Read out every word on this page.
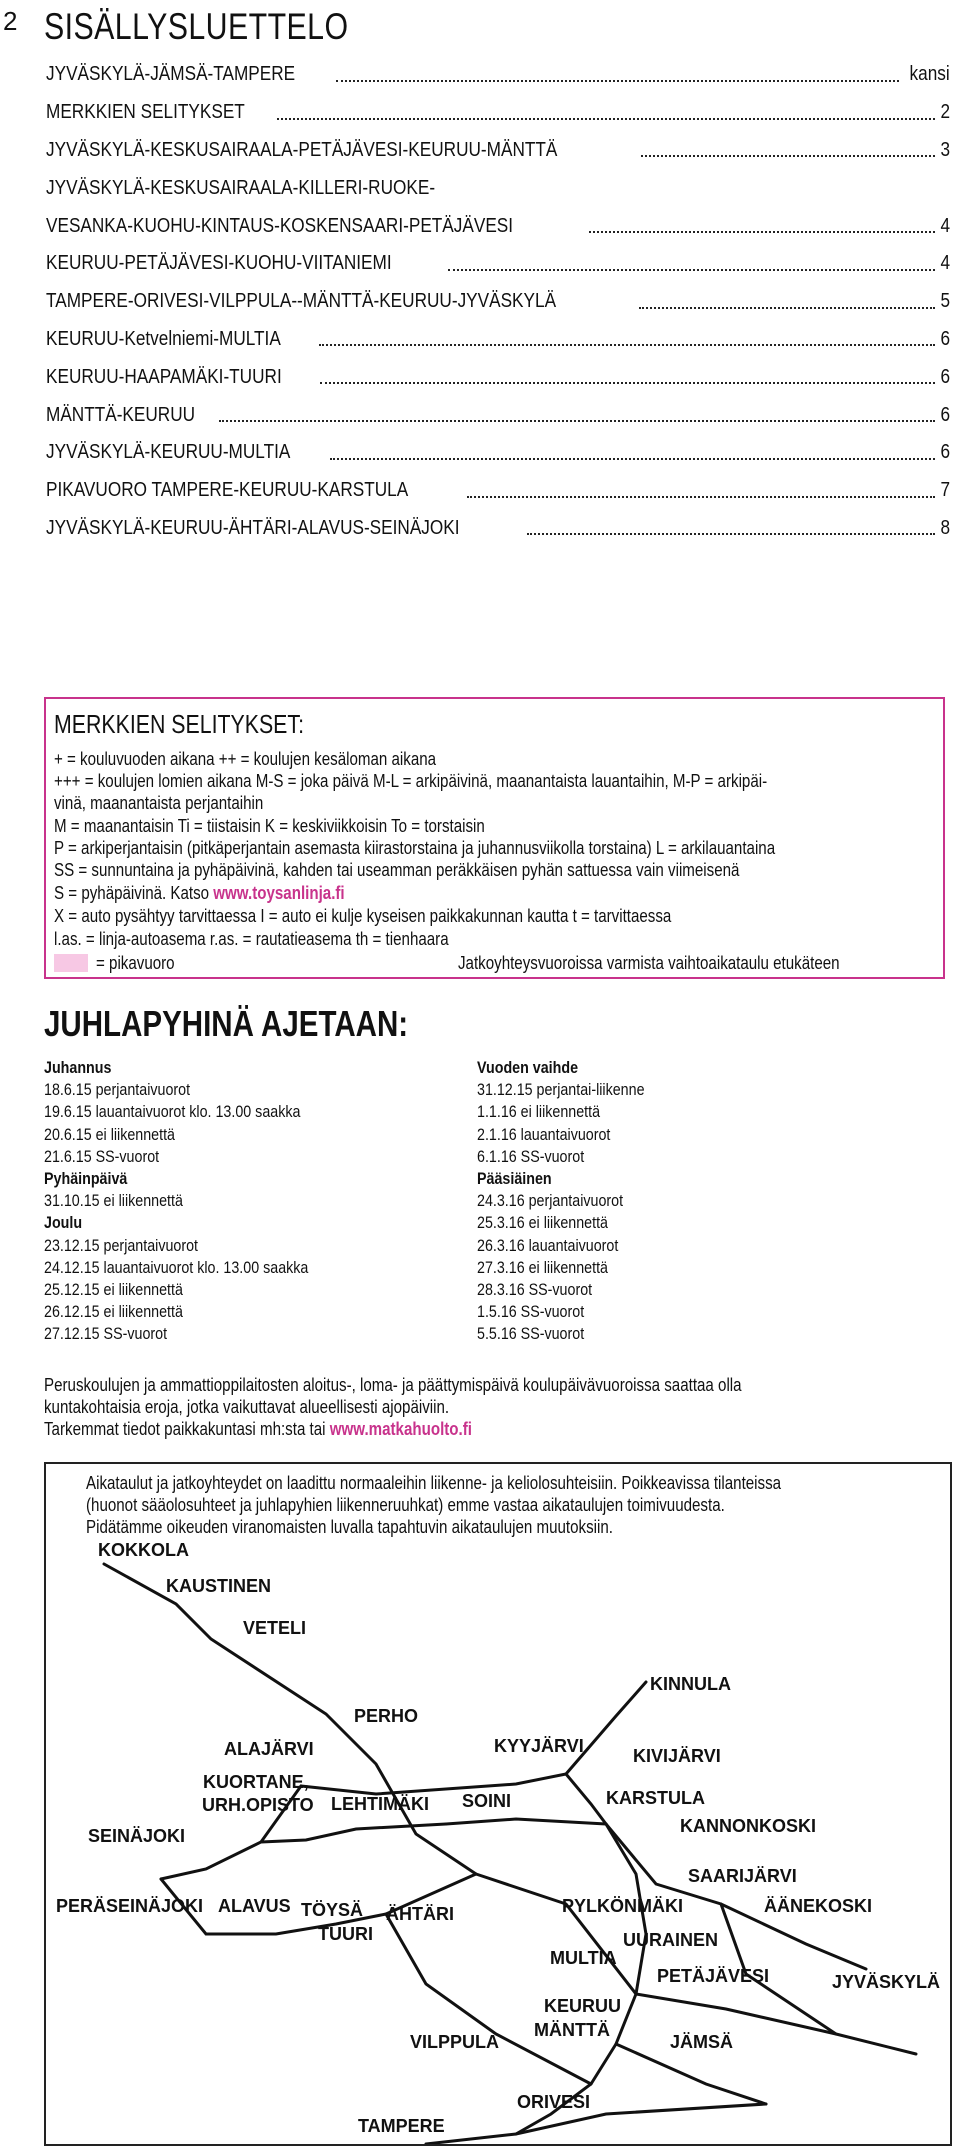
2 SISÄLLYSLUETTELO
JYVÄSKYLÄ-JÄMSÄ-TAMPERE	kansi
MERKKIEN SELITYKSET	2
JYVÄSKYLÄ-KESKUSAIRAALA-PETÄJÄVESI-KEURUU-MÄNTTÄ	3
JYVÄSKYLÄ-KESKUSAIRAALA-KILLERI-RUOKE-
VESANKA-KUOHU-KINTAUS-KOSKENSAARI-PETÄJÄVESI	4
KEURUU-PETÄJÄVESI-KUOHU-VIITANIEMI	4
TAMPERE-ORIVESI-VILPPULA--MÄNTTÄ-KEURUU-JYVÄSKYLÄ	5
KEURUU-Ketvelniemi-MULTIA	6
KEURUU-HAAPAMÄKI-TUURI	6
MÄNTTÄ-KEURUU	6
JYVÄSKYLÄ-KEURUU-MULTIA	6
PIKAVUORO TAMPERE-KEURUU-KARSTULA	7
JYVÄSKYLÄ-KEURUU-ÄHTÄRI-ALAVUS-SEINÄJOKI	8
MERKKIEN SELITYKSET:
+ = kouluvuoden aikana ++ = koulujen kesäloman aikana
+++ = koulujen lomien aikana M-S = joka päivä M-L = arkipäivinä, maanantaista lauantaihin, M-P = arkipäi-
vinä, maanantaista perjantaihin
M = maanantaisin Ti = tiistaisin K = keskiviikkoisin To = torstaisin
P = arkiperjantaisin (pitkäperjantain asemasta kiirastorstaina ja juhannusviikolla torstaina) L = arkilauantaina
SS = sunnuntaina ja pyhäpäivinä, kahden tai useamman peräkkäisen pyhän sattuessa vain viimeisenä
S = pyhäpäivinä. Katso www.toysanlinja.fi
X = auto pysähtyy tarvittaessa I = auto ei kulje kyseisen paikkakunnan kautta t = tarvittaessa
l.as. = linja-autoasema r.as. = rautatieasema th = tienhaara
= pikavuoro	Jatkoyhteysvuoroissa varmista vaihtoaikataulu etukäteen
JUHLAPYHINÄ AJETAAN:
Juhannus
18.6.15 perjantaivuorot
19.6.15 lauantaivuorot klo. 13.00 saakka
20.6.15 ei liikennettä
21.6.15 SS-vuorot
Pyhäinpäivä
31.10.15 ei liikennettä
Joulu
23.12.15 perjantaivuorot
24.12.15 lauantaivuorot klo. 13.00 saakka
25.12.15 ei liikennettä
26.12.15 ei liikennettä
27.12.15 SS-vuorot
Vuoden vaihde
31.12.15 perjantai-liikenne
1.1.16 ei liikennettä
2.1.16 lauantaivuorot
6.1.16 SS-vuorot
Pääsiäinen
24.3.16 perjantaivuorot
25.3.16 ei liikennettä
26.3.16 lauantaivuorot
27.3.16 ei liikennettä
28.3.16 SS-vuorot
1.5.16 SS-vuorot
5.5.16 SS-vuorot
Peruskoulujen ja ammattioppilaitosten aloitus-, loma- ja päättymispäivä koulupäivävuoroissa saattaa olla
kuntakohtaisia eroja, jotka vaikuttavat alueellisesti ajopäiviin.
Tarkemmat tiedot paikkakuntasi mh:sta tai www.matkahuolto.fi
Aikataulut ja jatkoyhteydet on laadittu normaaleihin liikenne- ja keliolosuhteisiin. Poikkeavissa tilanteissa
(huonot sääolosuhteet ja juhlapyhien liikenneruuhkat) emme vastaa aikataulujen toimivuudesta.
Pidätämme oikeuden viranomaisten luvalla tapahtuvin aikataulujen muutoksiin.
KOKKOLA
KAUSTINEN
VETELI
PERHO
KINNULA
ALAJÄRVI	KYYJÄRVI	KIVIJÄRVI
KUORTANE,
URH.OPISTO LEHTIMÄKI SOINI	KARSTULA
KANNONKOSKI
SEINÄJOKI
SAARIJÄRVI
PERÄSEINÄJOKI ALAVUS TÖYSÄ ÄHTÄRI
TUURI
PYLKÖNMÄKI	ÄÄNEKOSKI
UURAINEN
MULTIA
PETÄJÄVESI	JYVÄSKYLÄ
KEURUU
MÄNTTÄ
VILPPULA	JÄMSÄ
ORIVESI
TAMPERE
